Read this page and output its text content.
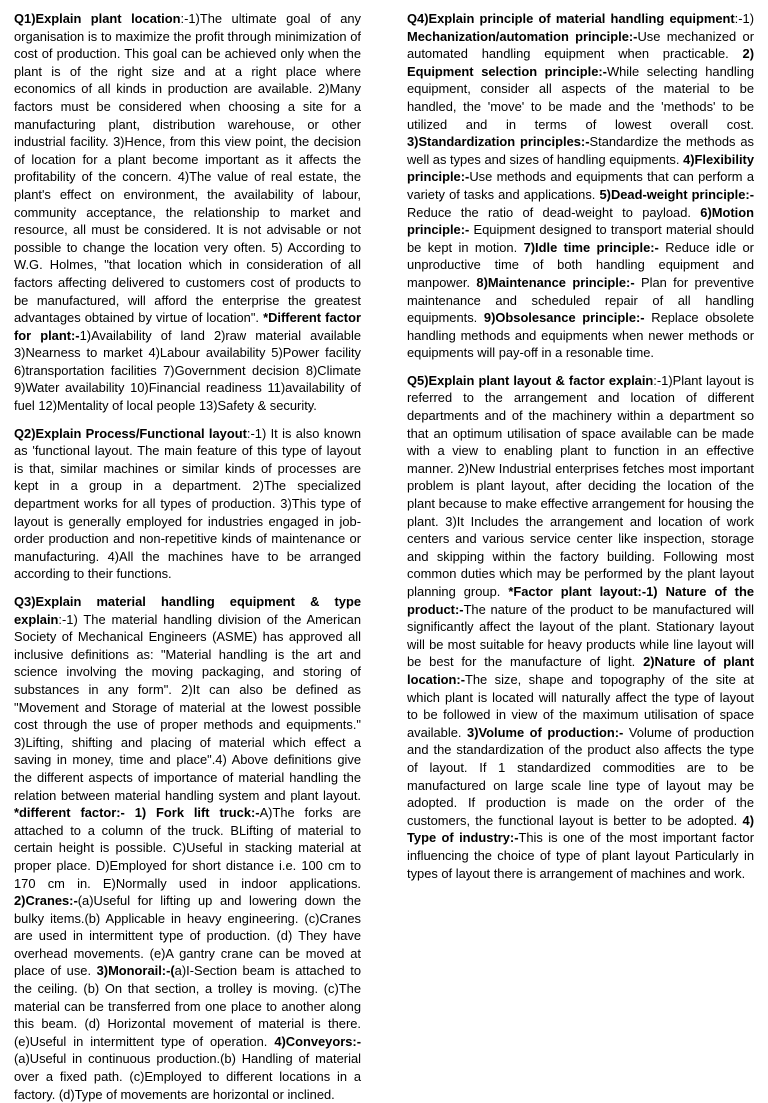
Q1)Explain plant location:-1)The ultimate goal of any organisation is to maximize the profit through minimization of cost of production. This goal can be achieved only when the plant is of the right size and at a right place where economics of all kinds in production are available. 2)Many factors must be considered when choosing a site for a manufacturing plant, distribution warehouse, or other industrial facility. 3)Hence, from this view point, the decision of location for a plant become important as it affects the profitability of the concern. 4)The value of real estate, the plant's effect on environment, the availability of labour, community acceptance, the relationship to market and resource, all must be considered. It is not advisable or not possible to change the location very often. 5) According to W.G. Holmes, "that location which in consideration of all factors affecting delivered to customers cost of products to be manufactured, will afford the enterprise the greatest advantages obtained by virtue of location". *Different factor for plant:-1)Availability of land 2)raw material available 3)Nearness to market 4)Labour availability 5)Power facility 6)transportation facilities 7)Government decision 8)Climate 9)Water availability 10)Financial readiness 11)availability of fuel 12)Mentality of local people 13)Safety & security.

Q2)Explain Process/Functional layout:-1) It is also known as 'functional layout. The main feature of this type of layout is that, similar machines or similar kinds of processes are kept in a group in a department. 2)The specialized department works for all types of production. 3)This type of layout is generally employed for industries engaged in job-order production and non-repetitive kinds of maintenance or manufacturing. 4)All the machines have to be arranged according to their functions.

Q3)Explain material handling equipment & type explain:-1) The material handling division of the American Society of Mechanical Engineers (ASME) has approved all inclusive definitions as: "Material handling is the art and science involving the moving packaging, and storing of substances in any form". 2)It can also be defined as "Movement and Storage of material at the lowest possible cost through the use of proper methods and equipments." 3)Lifting, shifting and placing of material which effect a saving in money, time and place".4) Above definitions give the different aspects of importance of material handling the relation between material handling system and plant layout. *different factor:- 1) Fork lift truck:-A)The forks are attached to a column of the truck. BLifting of material to certain height is possible. C)Useful in stacking material at proper place. D)Employed for short distance i.e. 100 cm to 170 cm in. E)Normally used in indoor applications. 2)Cranes:-(a)Useful for lifting up and lowering down the bulky items.(b) Applicable in heavy engineering. (c)Cranes are used in intermittent type of production. (d) They have overhead movements. (e)A gantry crane can be moved at place of use. 3)Monorail:-(a)I-Section beam is attached to the ceiling. (b) On that section, a trolley is moving. (c)The material can be transferred from one place to another along this beam. (d) Horizontal movement of material is there. (e)Useful in intermittent type of operation. 4)Conveyors:- (a)Useful in continuous production.(b) Handling of material over a fixed path. (c)Employed to different locations in a factory. (d)Type of movements are horizontal or inclined.

Q4)Explain principle of material handling equipment:-1) Mechanization/automation principle:-Use mechanized or automated handling equipment when practicable. 2) Equipment selection principle:-While selecting handling equipment, consider all aspects of the material to be handled, the 'move' to be made and the 'methods' to be utilized and in terms of lowest overall cost. 3)Standardization principles:-Standardize the methods as well as types and sizes of handling equipments. 4)Flexibility principle:-Use methods and equipments that can perform a variety of tasks and applications. 5)Dead-weight principle:- Reduce the ratio of dead-weight to payload. 6)Motion principle:- Equipment designed to transport material should be kept in motion. 7)Idle time principle:- Reduce idle or unproductive time of both handling equipment and manpower. 8)Maintenance principle:- Plan for preventive maintenance and scheduled repair of all handling equipments. 9)Obsolesance principle:- Replace obsolete handling methods and equipments when newer methods or equipments will pay-off in a resonable time.

Q5)Explain plant layout & factor explain:-1)Plant layout is referred to the arrangement and location of different departments and of the machinery within a department so that an optimum utilisation of space available can be made with a view to enabling plant to function in an effective manner. 2)New Industrial enterprises fetches most important problem is plant layout, after deciding the location of the plant because to make effective arrangement for housing the plant. 3)It Includes the arrangement and location of work centers and various service center like inspection, storage and skipping within the factory building. Following most common duties which may be performed by the plant layout planning group. *Factor plant layout:-1) Nature of the product:-The nature of the product to be manufactured will significantly affect the layout of the plant. Stationary layout will be most suitable for heavy products while line layout will be best for the manufacture of light. 2)Nature of plant location:-The size, shape and topography of the site at which plant is located will naturally affect the type of layout to be followed in view of the maximum utilisation of space available. 3)Volume of production:- Volume of production and the standardization of the product also affects the type of layout. If 1 standardized commodities are to be manufactured on large scale line type of layout may be adopted. If production is made on the order of the customers, the functional layout is better to be adopted. 4) Type of industry:-This is one of the most important factor influencing the choice of type of plant layout Particularly in types of layout there is arrangement of machines and work.
